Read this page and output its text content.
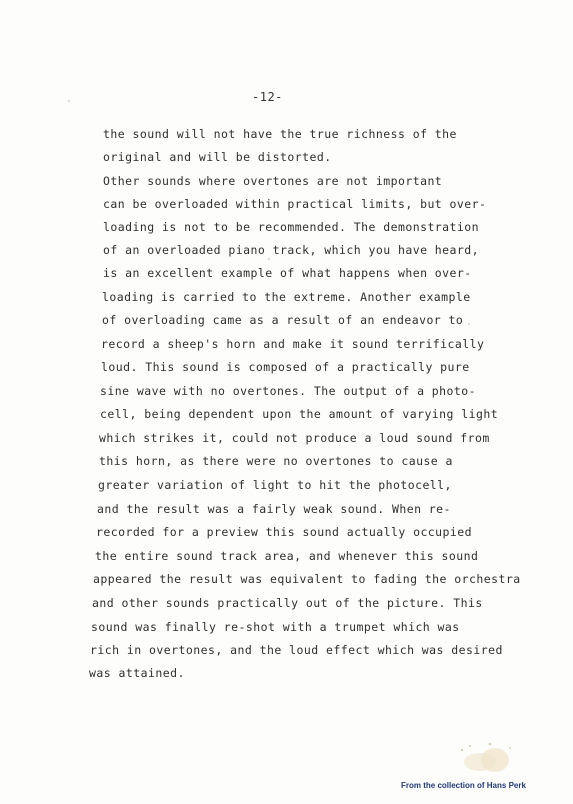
-12-
the sound will not have the true richness of the
original and will be distorted.
Other sounds where overtones are not important
can be overloaded within practical limits, but over-
loading is not to be recommended. The demonstration
of an overloaded piano track, which you have heard,
is an excellent example of what happens when over-
loading is carried to the extreme. Another example
of overloading came as a result of an endeavor to
record a sheep's horn and make it sound terrifically
loud. This sound is composed of a practically pure
sine wave with no overtones. The output of a photo-
cell, being dependent upon the amount of varying light
which strikes it, could not produce a loud sound from
this horn, as there were no overtones to cause a
greater variation of light to hit the photocell,
and the result was a fairly weak sound. When re-
recorded for a preview this sound actually occupied
the entire sound track area, and whenever this sound
appeared the result was equivalent to fading the orchestra
and other sounds practically out of the picture. This
sound was finally re-shot with a trumpet which was
rich in overtones, and the loud effect which was desired
was attained.
From the collection of Hans Perk
